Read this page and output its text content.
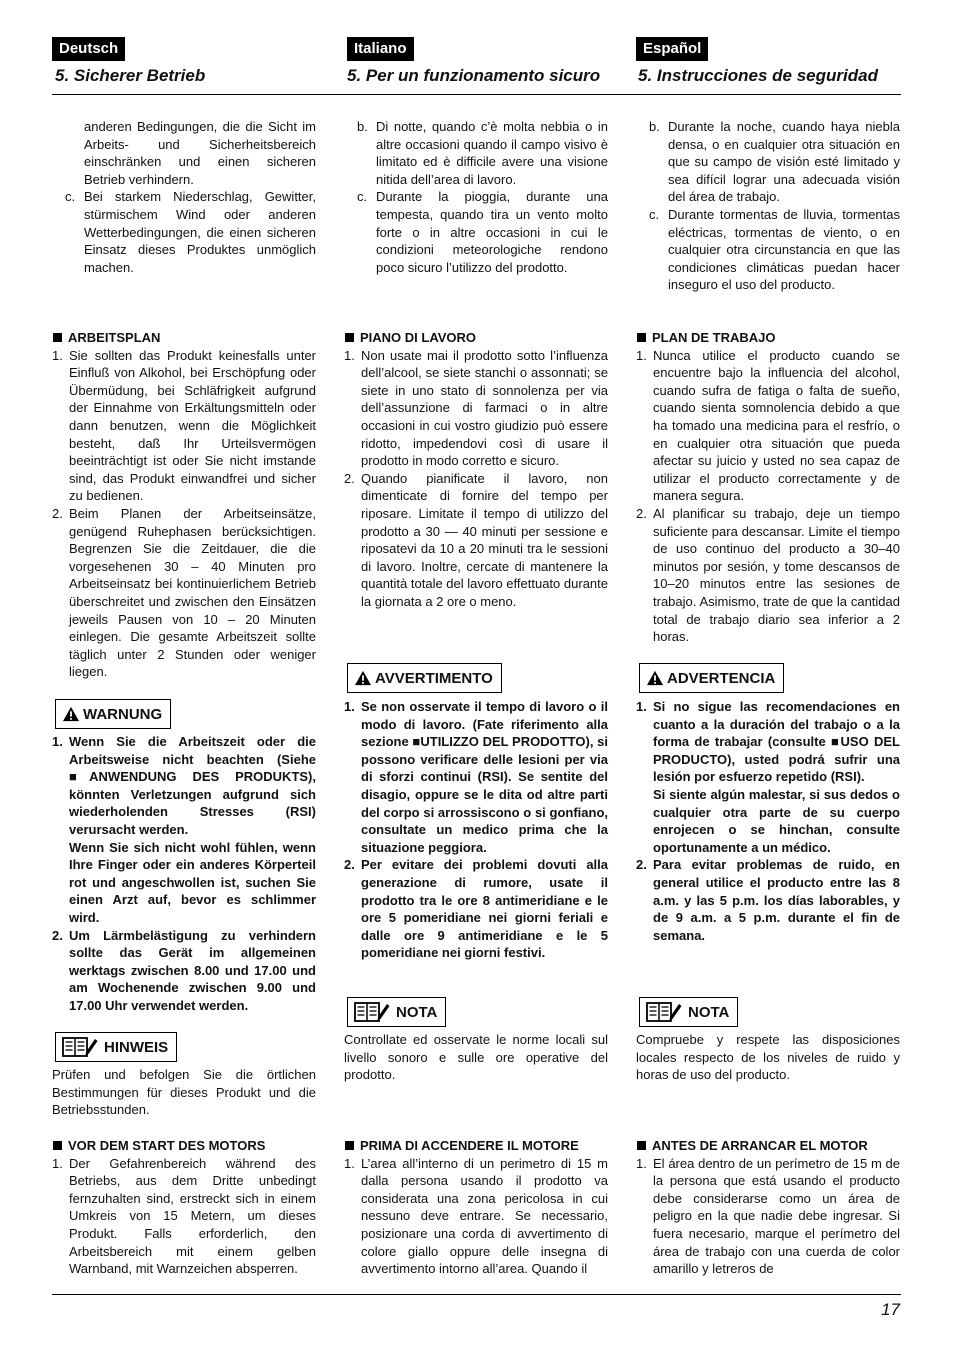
17
Deutsch
5. Sicherer Betrieb
anderen Bedingungen, die die Sicht im Arbeits- und Sicherheitsbereich einschränken und einen sicheren Betrieb verhindern.
c. Bei starkem Niederschlag, Gewitter, stürmischem Wind oder anderen Wetterbedingungen, die einen sicheren Einsatz dieses Produktes unmöglich machen.
ARBEITSPLAN
1. Sie sollten das Produkt keinesfalls unter Einfluß von Alkohol, bei Erschöpfung oder Übermüdung, bei Schläfrigkeit aufgrund der Einnahme von Erkältungsmitteln oder dann benutzen, wenn die Möglichkeit besteht, daß Ihr Urteilsvermögen beeinträchtigt ist oder Sie nicht imstande sind, das Produkt einwandfrei und sicher zu bedienen.
2. Beim Planen der Arbeitseinsätze, genügend Ruhephasen berücksichtigen. Begrenzen Sie die Zeitdauer, die die vorgesehenen 30 – 40 Minuten pro Arbeitseinsatz bei kontinuierlichem Betrieb überschreitet und zwischen den Einsätzen jeweils Pausen von 10 – 20 Minuten einlegen. Die gesamte Arbeitszeit sollte täglich unter 2 Stunden oder weniger liegen.
WARNUNG
1. Wenn Sie die Arbeitszeit oder die Arbeitsweise nicht beachten (Siehe ■ANWENDUNG DES PRODUKTS), könnten Verletzungen aufgrund sich wiederholenden Stresses (RSI) verursacht werden.
Wenn Sie sich nicht wohl fühlen, wenn Ihre Finger oder ein anderes Körperteil rot und angeschwollen ist, suchen Sie einen Arzt auf, bevor es schlimmer wird.
2. Um Lärmbelästigung zu verhindern sollte das Gerät im allgemeinen werktags zwischen 8.00 und 17.00 und am Wochenende zwischen 9.00 und 17.00 Uhr verwendet werden.
HINWEIS
Prüfen und befolgen Sie die örtlichen Bestimmungen für dieses Produkt und die Betriebsstunden.
VOR DEM START DES MOTORS
1. Der Gefahrenbereich während des Betriebs, aus dem Dritte unbedingt fernzuhalten sind, erstreckt sich in einem Umkreis von 15 Metern, um dieses Produkt. Falls erforderlich, den Arbeitsbereich mit einem gelben Warnband, mit Warnzeichen absperren.
Italiano
5. Per un funzionamento sicuro
b. Di notte, quando c’è molta nebbia o in altre occasioni quando il campo visivo è limitato ed è difficile avere una visione nitida dell’area di lavoro.
c. Durante la pioggia, durante una tempesta, quando tira un vento molto forte o in altre occasioni in cui le condizioni meteorologiche rendono poco sicuro l’utilizzo del prodotto.
PIANO DI LAVORO
1. Non usate mai il prodotto sotto l’influenza dell’alcool, se siete stanchi o assonnati; se siete in uno stato di sonnolenza per via dell’assunzione di farmaci o in altre occasioni in cui vostro giudizio può essere ridotto, impedendovi così di usare il prodotto in modo corretto e sicuro.
2. Quando pianificate il lavoro, non dimenticate di fornire del tempo per riposare. Limitate il tempo di utilizzo del prodotto a 30 — 40 minuti per sessione e riposatevi da 10 a 20 minuti tra le sessioni di lavoro. Inoltre, cercate di mantenere la quantità totale del lavoro effettuato durante la giornata a 2 ore o meno.
AVVERTIMENTO
1. Se non osservate il tempo di lavoro o il modo di lavoro. (Fate riferimento alla sezione ■UTILIZZO DEL PRODOTTO), si possono verificare delle lesioni per via di sforzi continui (RSI). Se sentite del disagio, oppure se le dita od altre parti del corpo si arrossiscono o si gonfiano, consultate un medico prima che la situazione peggiora.
2. Per evitare dei problemi dovuti alla generazione di rumore, usate il prodotto tra le ore 8 antimeridiane e le ore 5 pomeridiane nei giorni feriali e dalle ore 9 antimeridiane e le 5 pomeridiane nei giorni festivi.
NOTA
Controllate ed osservate le norme locali sul livello sonoro e sulle ore operative del prodotto.
PRIMA DI ACCENDERE IL MOTORE
1. L’area all’interno di un perimetro di 15 m dalla persona usando il prodotto va considerata una zona pericolosa in cui nessuno deve entrare. Se necessario, posizionare una corda di avvertimento di colore giallo oppure delle insegna di avvertimento intorno all’area. Quando il
Español
5. Instrucciones de seguridad
b. Durante la noche, cuando haya niebla densa, o en cualquier otra situación en que su campo de visión esté limitado y sea difícil lograr una adecuada visión del área de trabajo.
c. Durante tormentas de lluvia, tormentas eléctricas, tormentas de viento, o en cualquier otra circunstancia en que las condiciones climáticas puedan hacer inseguro el uso del producto.
PLAN DE TRABAJO
1. Nunca utilice el producto cuando se encuentre bajo la influencia del alcohol, cuando sufra de fatiga o falta de sueño, cuando sienta somnolencia debido a que ha tomado una medicina para el resfrío, o en cualquier otra situación que pueda afectar su juicio y usted no sea capaz de utilizar el producto correctamente y de manera segura.
2. Al planificar su trabajo, deje un tiempo suficiente para descansar. Limite el tiempo de uso continuo del producto a 30–40 minutos por sesión, y tome descansos de 10–20 minutos entre las sesiones de trabajo. Asimismo, trate de que la cantidad total de trabajo diario sea inferior a 2 horas.
ADVERTENCIA
1. Si no sigue las recomendaciones en cuanto a la duración del trabajo o a la forma de trabajar (consulte ■USO DEL PRODUCTO), usted podrá sufrir una lesión por esfuerzo repetido (RSI).
Si siente algún malestar, si sus dedos o cualquier otra parte de su cuerpo enrojecen o se hinchan, consulte oportunamente a un médico.
2. Para evitar problemas de ruido, en general utilice el producto entre las 8 a.m. y las 5 p.m. los días laborables, y de 9 a.m. a 5 p.m. durante el fin de semana.
NOTA
Compruebe y respete las disposiciones locales respecto de los niveles de ruido y horas de uso del producto.
ANTES DE ARRANCAR EL MOTOR
1. El área dentro de un perímetro de 15 m de la persona que está usando el producto debe considerarse como un área de peligro en la que nadie debe ingresar. Si fuera necesario, marque el perímetro del área de trabajo con una cuerda de color amarillo y letreros de
